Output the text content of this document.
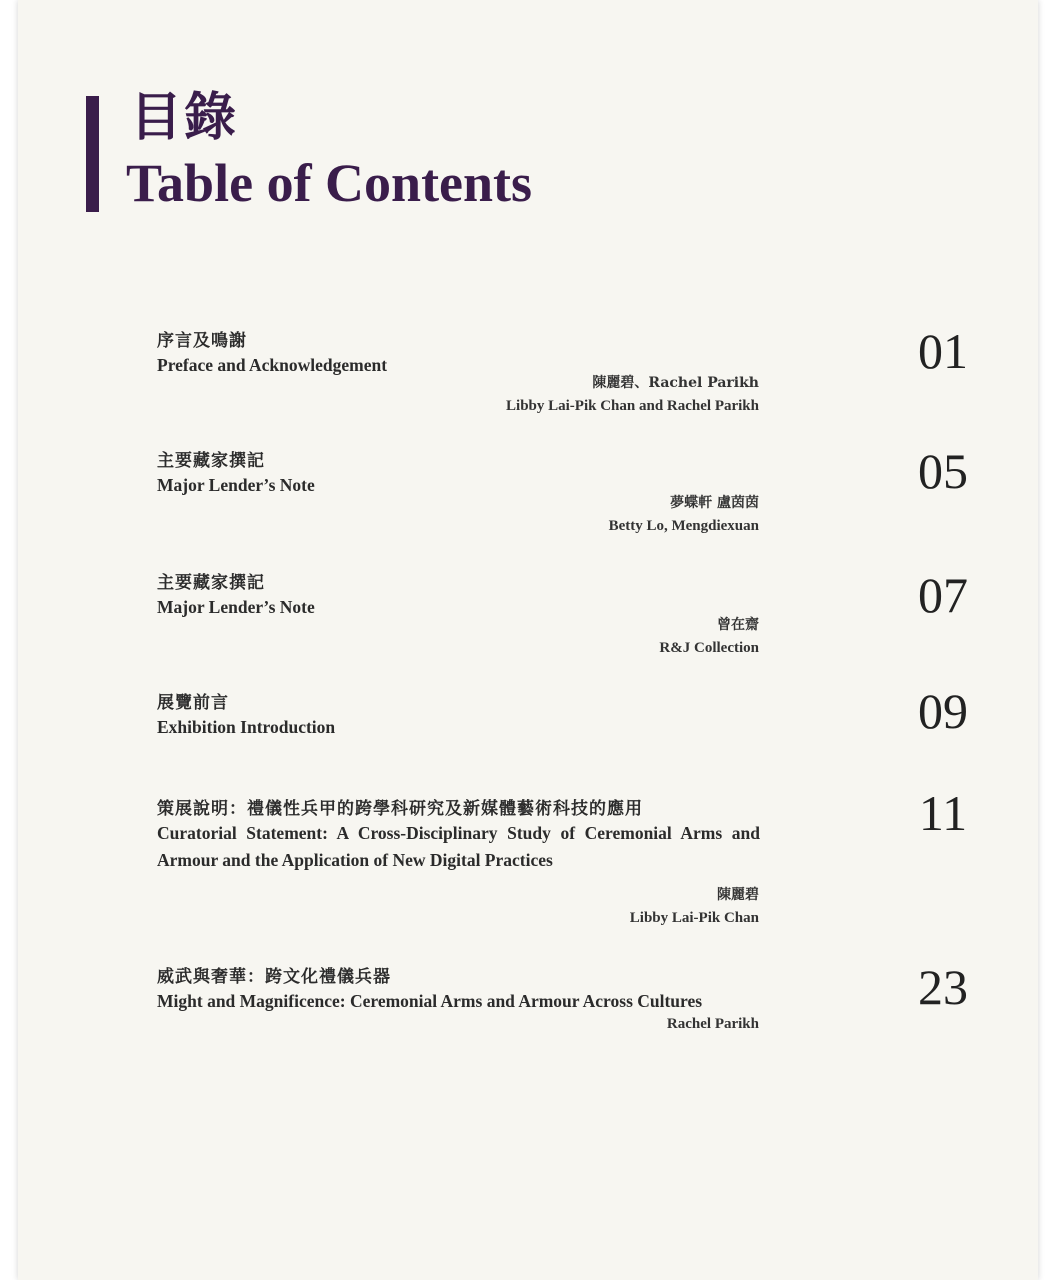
目錄
Table of Contents
序言及鳴謝
Preface and Acknowledgement
陳麗碧、Rachel Parikh
Libby Lai-Pik Chan and Rachel Parikh
01
主要藏家撰記
Major Lender’s Note
夢蝶軒 盧茵茵
Betty Lo, Mengdiexuan
05
主要藏家撰記
Major Lender’s Note
曾在齋
R&J Collection
07
展覽前言
Exhibition Introduction	09
策展說明：禮儀性兵甲的跨學科研究及新媒體藝術科技的應用
Curatorial Statement: A Cross-Disciplinary Study of Ceremonial Arms and Armour and the Application of New Digital Practices
陳麗碧
Libby Lai-Pik Chan
11
威武與奢華：跨文化禮儀兵器
Might and Magnificence: Ceremonial Arms and Armour Across Cultures
Rachel Parikh
23
